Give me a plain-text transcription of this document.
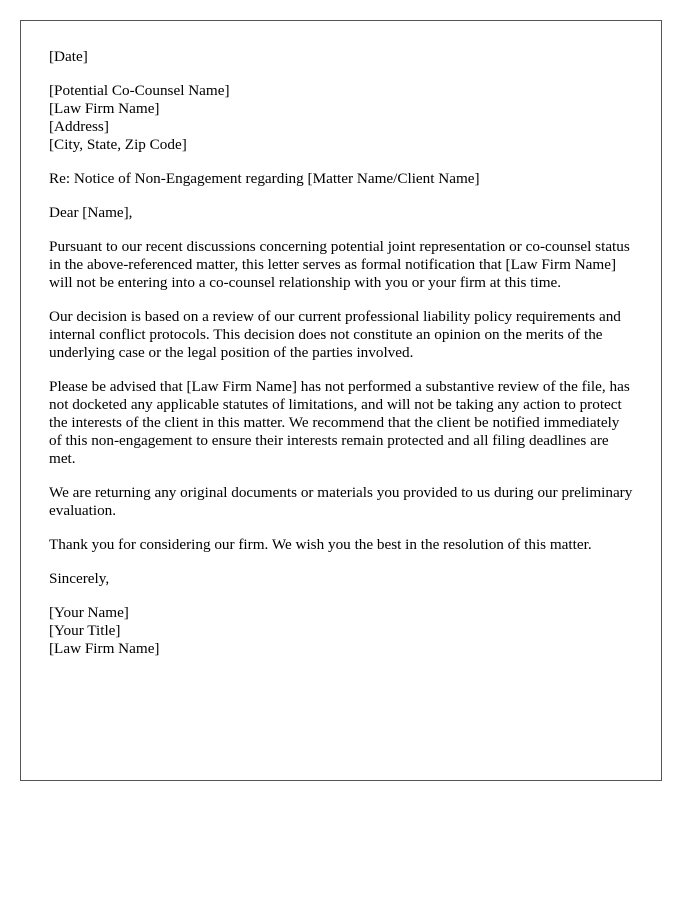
[Date]

[Potential Co-Counsel Name]
[Law Firm Name]
[Address]
[City, State, Zip Code]

Re: Notice of Non-Engagement regarding [Matter Name/Client Name]

Dear [Name],

Pursuant to our recent discussions concerning potential joint representation or co-counsel status in the above-referenced matter, this letter serves as formal notification that [Law Firm Name] will not be entering into a co-counsel relationship with you or your firm at this time.

Our decision is based on a review of our current professional liability policy requirements and internal conflict protocols. This decision does not constitute an opinion on the merits of the underlying case or the legal position of the parties involved.

Please be advised that [Law Firm Name] has not performed a substantive review of the file, has not docketed any applicable statutes of limitations, and will not be taking any action to protect the interests of the client in this matter. We recommend that the client be notified immediately of this non-engagement to ensure their interests remain protected and all filing deadlines are met.

We are returning any original documents or materials you provided to us during our preliminary evaluation.

Thank you for considering our firm. We wish you the best in the resolution of this matter.

Sincerely,

[Your Name]
[Your Title]
[Law Firm Name]
